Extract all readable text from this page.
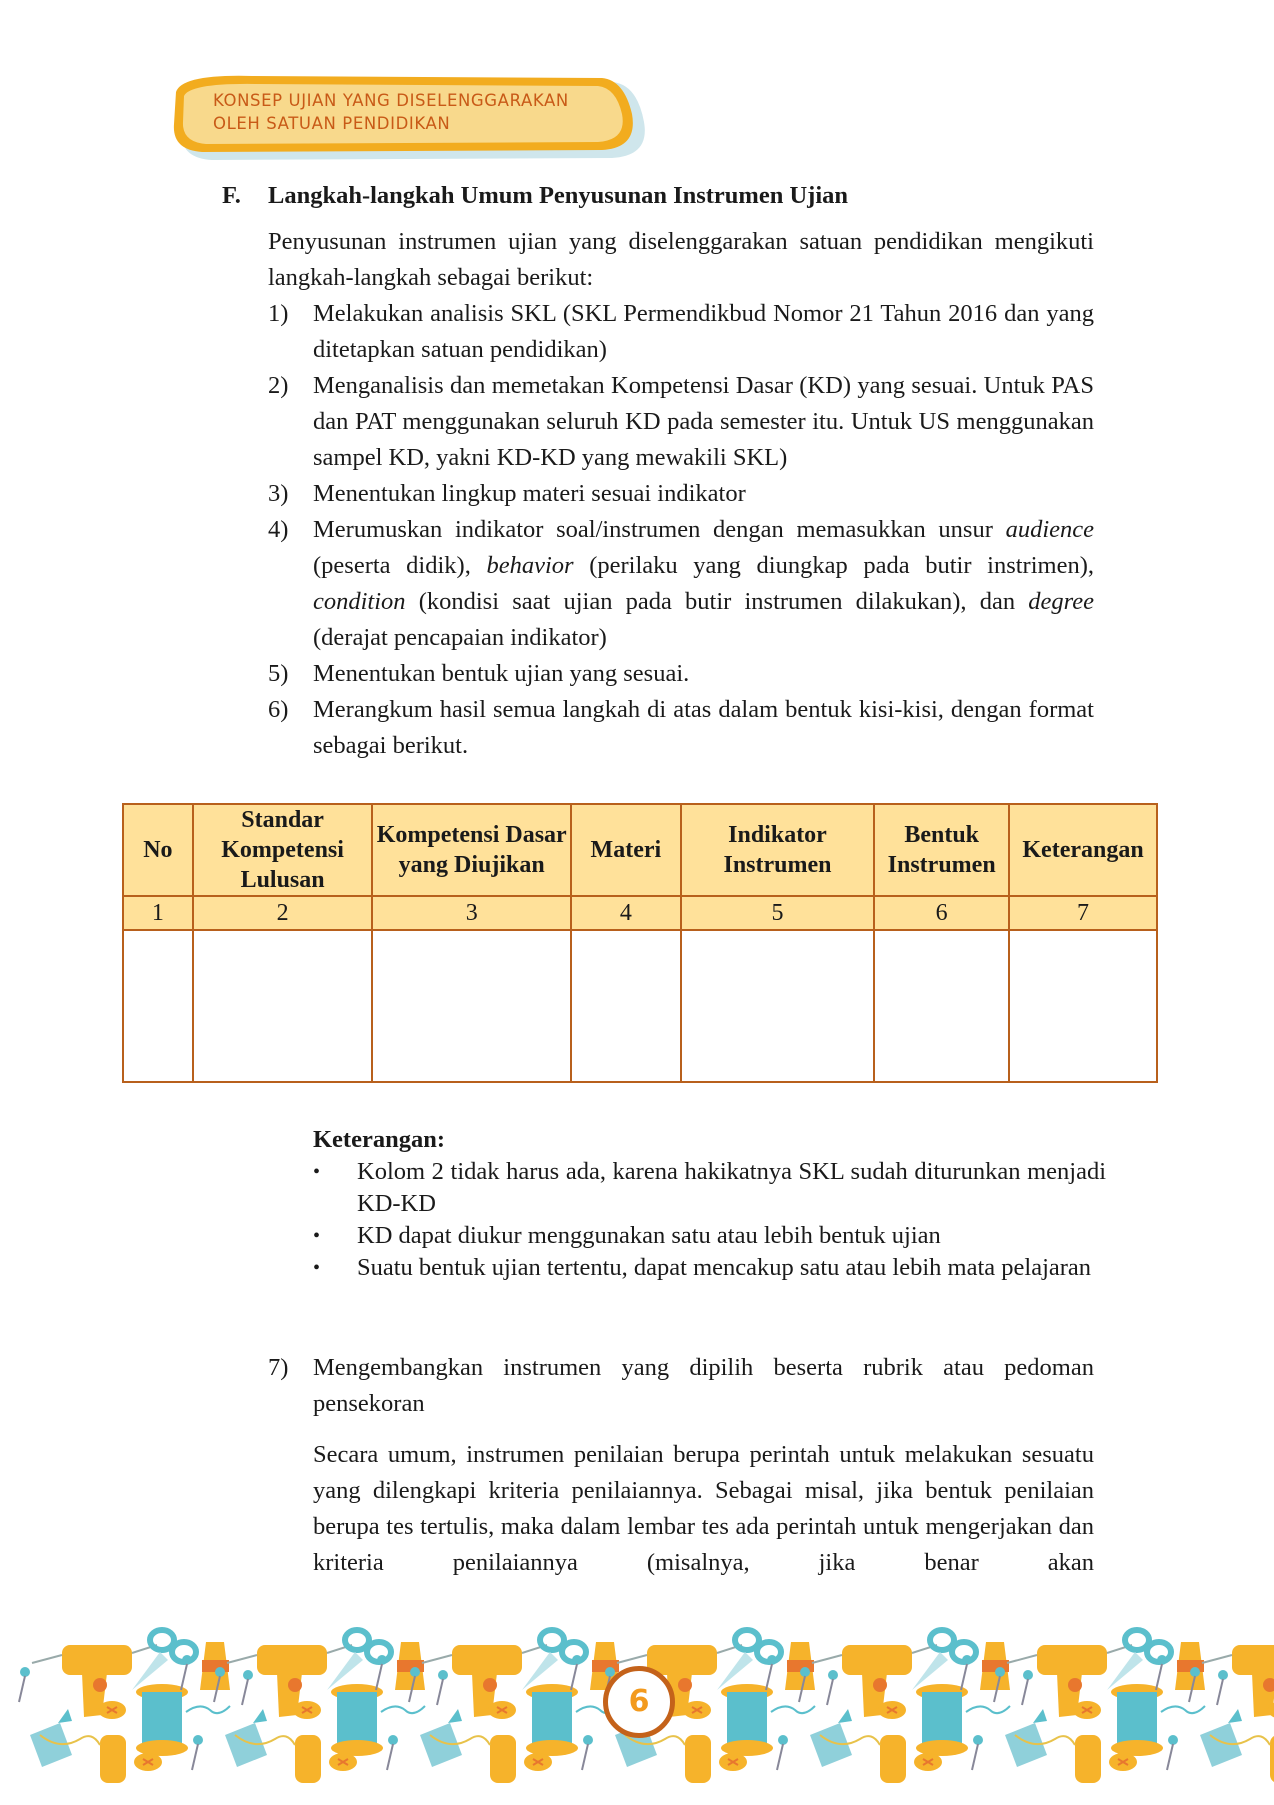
KONSEP UJIAN YANG DISELENGGARAKAN
OLEH SATUAN PENDIDIKAN
F. Langkah-langkah Umum Penyusunan Instrumen Ujian
Penyusunan instrumen ujian yang diselenggarakan satuan pendidikan mengikuti langkah-langkah sebagai berikut:
1)	Melakukan analisis SKL (SKL Permendikbud Nomor 21 Tahun 2016 dan yang ditetapkan satuan pendidikan)
2)	Menganalisis dan memetakan Kompetensi Dasar (KD) yang sesuai. Untuk PAS dan PAT menggunakan seluruh KD pada semester itu. Untuk US menggunakan sampel KD, yakni KD-KD yang mewakili SKL)
3)	Menentukan lingkup materi sesuai indikator
4)	Merumuskan indikator soal/instrumen dengan memasukkan unsur audience (peserta didik), behavior (perilaku yang diungkap pada butir instrimen), condition (kondisi saat ujian pada butir instrumen dilakukan), dan degree (derajat pencapaian indikator)
5)	Menentukan bentuk ujian yang sesuai.
6)	Merangkum hasil semua langkah di atas dalam bentuk kisi-kisi, dengan format sebagai berikut.
No	Standar Kompetensi Lulusan	Kompetensi Dasar yang Diujikan	Materi	Indikator Instrumen	Bentuk Instrumen	Keterangan
1	2	3	4	5	6	7

Keterangan:
•	Kolom 2 tidak harus ada, karena hakikatnya SKL sudah diturunkan menjadi KD-KD
•	KD dapat diukur menggunakan satu atau lebih bentuk ujian
•	Suatu bentuk ujian tertentu, dapat mencakup satu atau lebih mata pelajaran
7)	Mengembangkan instrumen yang dipilih beserta rubrik atau pedoman pensekoran
Secara umum, instrumen penilaian berupa perintah untuk melakukan sesuatu yang dilengkapi kriteria penilaiannya. Sebagai misal, jika bentuk penilaian berupa tes tertulis, maka dalam lembar tes ada perintah untuk mengerjakan dan kriteria penilaiannya (misalnya, jika benar akan
6
